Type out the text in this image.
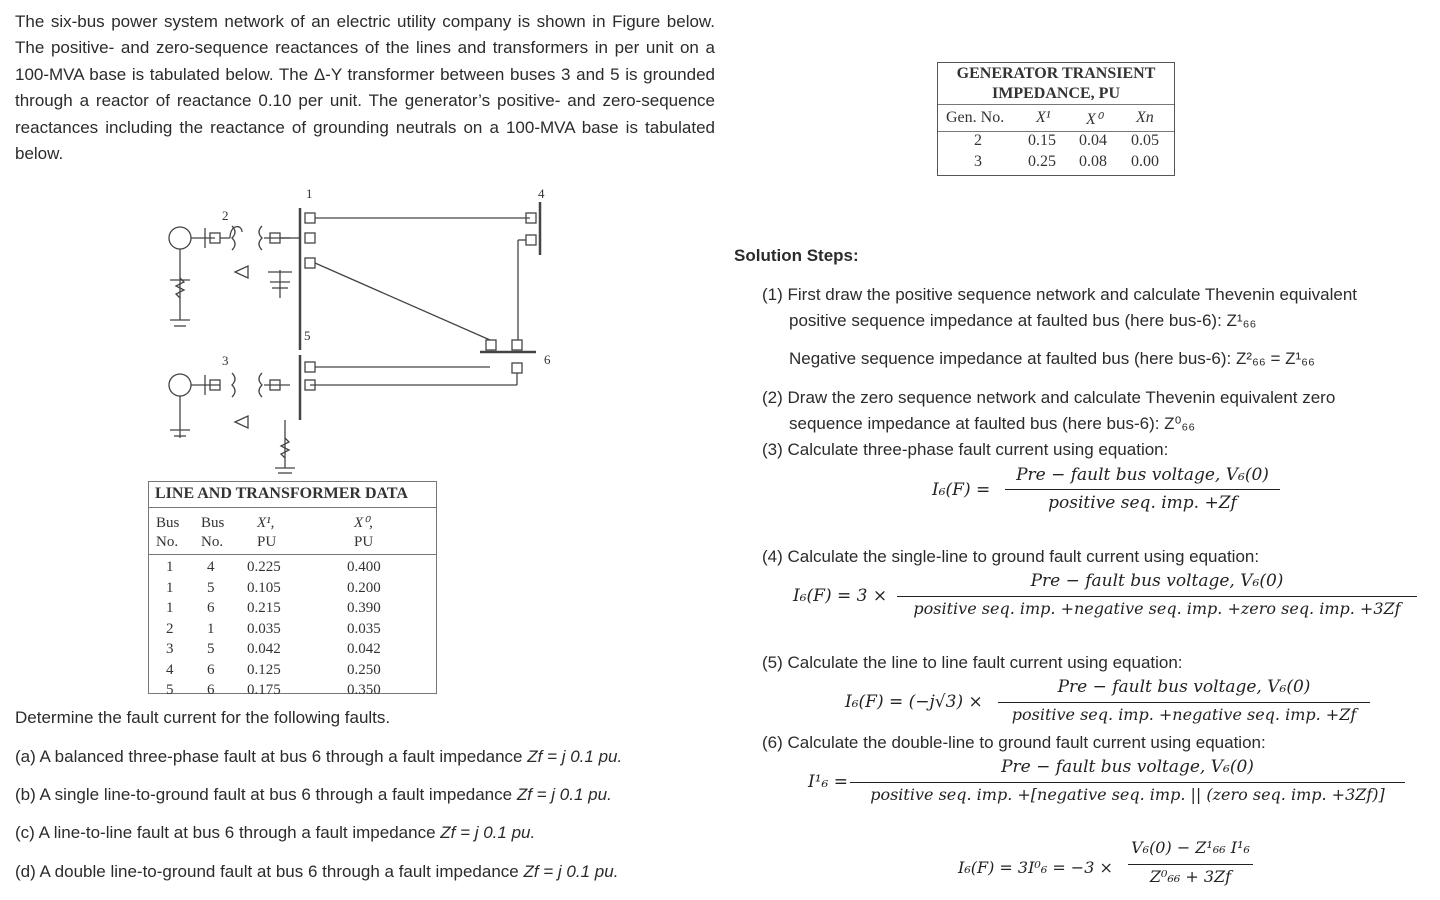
The six-bus power system network of an electric utility company is shown in Figure below. The positive- and zero-sequence reactances of the lines and transformers in per unit on a 100-MVA base is tabulated below. The Δ-Y transformer between buses 3 and 5 is grounded through a reactor of reactance 0.10 per unit. The generator’s positive- and zero-sequence reactances including the reactance of grounding neutrals on a 100-MVA base is tabulated below.
GENERATOR TRANSIENT
IMPEDANCE, PU
Gen. No. X¹ X⁰ Xn
2	0.15 0.04 0.05
3	0.25 0.08 0.00
1
2
3
4
5
6
LINE AND TRANSFORMER DATA
Bus Bus X¹,	X⁰,
No. No. PU	PU
1 4 0.225	0.400
1 5 0.105	0.200
1 6 0.215	0.390
2 1 0.035	0.035
3 5 0.042	0.042
4 6 0.125	0.250
5 6 0.175	0.350
Determine the fault current for the following faults.
(a) A balanced three-phase fault at bus 6 through a fault impedance Zf = j 0.1 pu.
(b) A single line-to-ground fault at bus 6 through a fault impedance Zf = j 0.1 pu.
(c) A line-to-line fault at bus 6 through a fault impedance Zf = j 0.1 pu.
(d) A double line-to-ground fault at bus 6 through a fault impedance Zf = j 0.1 pu.
Solution Steps:
(1) First draw the positive sequence network and calculate Thevenin equivalent
positive sequence impedance at faulted bus (here bus-6): Z¹₆₆
Negative sequence impedance at faulted bus (here bus-6): Z²₆₆ = Z¹₆₆
(2) Draw the zero sequence network and calculate Thevenin equivalent zero
sequence impedance at faulted bus (here bus-6): Z⁰₆₆
(3) Calculate three-phase fault current using equation:
I₆(F) =
Pre − fault bus voltage, V₆(0)
positive seq. imp. +Zf
(4) Calculate the single-line to ground fault current using equation:
I₆(F) = 3 ×
Pre − fault bus voltage, V₆(0)
positive seq. imp. +negative seq. imp. +zero seq. imp. +3Zf
(5) Calculate the line to line fault current using equation:
I₆(F) = (−j√3) ×
Pre − fault bus voltage, V₆(0)
positive seq. imp. +negative seq. imp. +Zf
(6) Calculate the double-line to ground fault current using equation:
I¹₆ =
Pre − fault bus voltage, V₆(0)
positive seq. imp. +[negative seq. imp. || (zero seq. imp. +3Zf)]
I₆(F) = 3I⁰₆ = −3 ×
V₆(0) − Z¹₆₆ I¹₆
Z⁰₆₆ + 3Zf
